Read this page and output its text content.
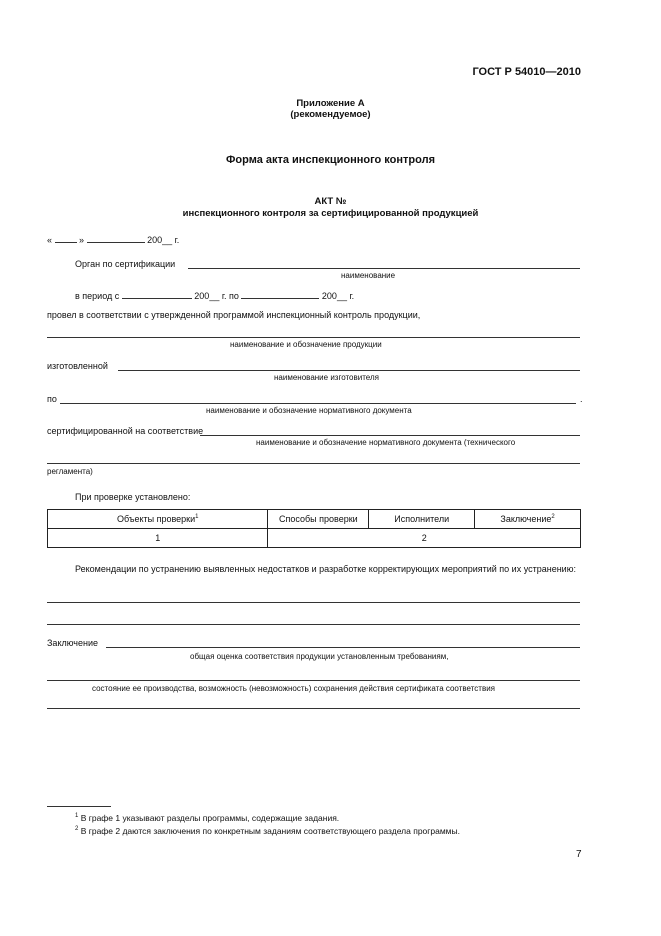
ГОСТ Р 54010—2010
Приложение А
(рекомендуемое)
Форма акта инспекционного контроля
АКТ №
инспекционного контроля за сертифицированной продукцией
«	»	200__ г.
Орган по сертификации
наименование
в период с	200__ г. по	200__ г.
провел в соответствии с утвержденной программой инспекционный контроль продукции,
наименование и обозначение продукции
изготовленной
наименование изготовителя
по	.
наименование и обозначение нормативного документа
сертифицированной на соответствие
наименование и обозначение нормативного документа (технического
регламента)
При проверке установлено:
Объекты проверки$^1$	Способы проверки	Исполнители	Заключение$^2$
1	2		
Рекомендации по устранению выявленных недостатков и разработке корректирующих мероприятий по их устранению:
Заключение
общая оценка соответствия продукции установленным требованиям,
состояние ее производства, возможность (невозможность) сохранения действия сертификата соответствия
$^1$ В графе 1 указывают разделы программы, содержащие задания.
$^2$ В графе 2 даются заключения по конкретным заданиям соответствующего раздела программы.
7
